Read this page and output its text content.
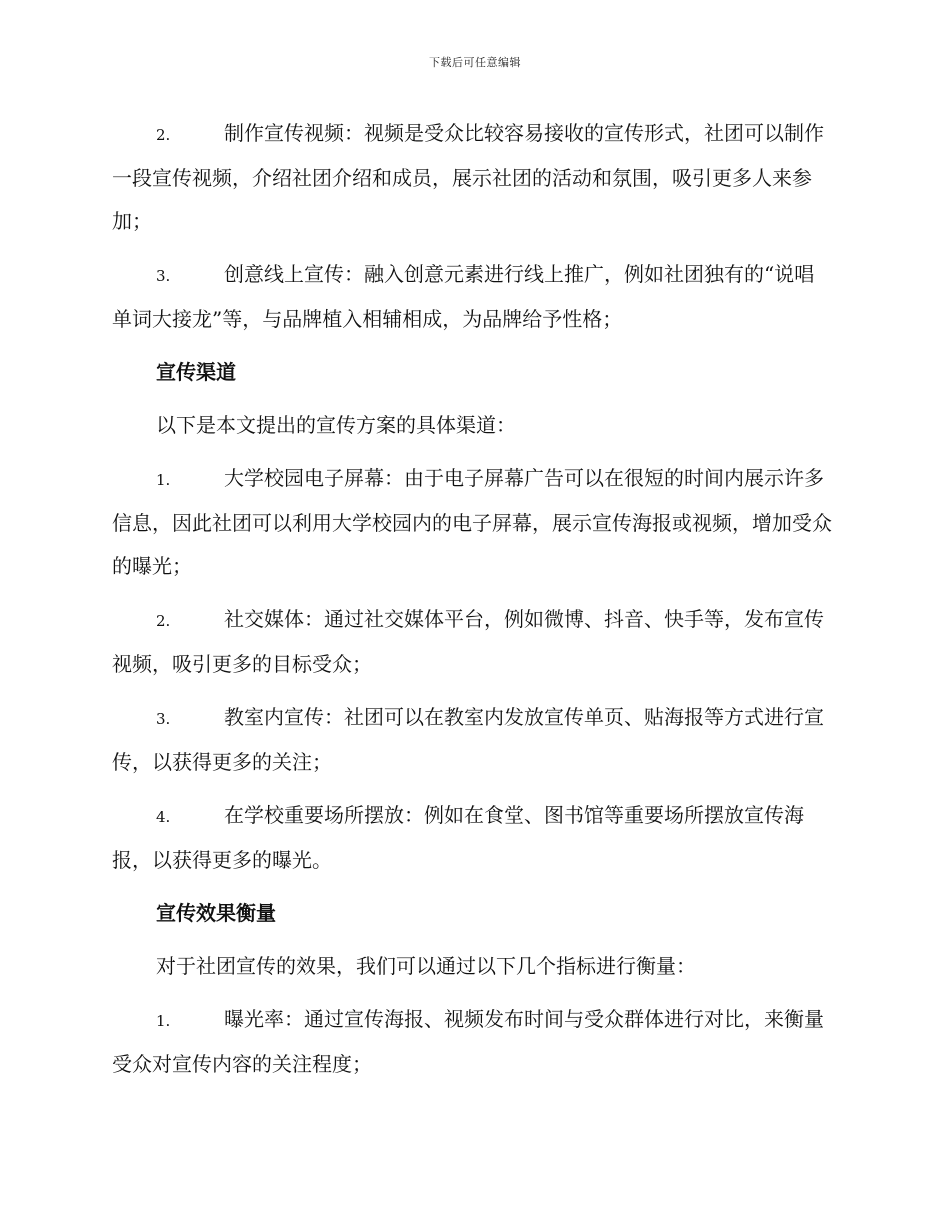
下载后可任意编辑

2.	制作宣传视频：视频是受众比较容易接收的宣传形式，社团可以制作一段宣传视频，介绍社团介绍和成员，展示社团的活动和氛围，吸引更多人来参加；

3.	创意线上宣传：融入创意元素进行线上推广，例如社团独有的“说唱单词大接龙”等，与品牌植入相辅相成，为品牌给予性格；

宣传渠道

以下是本文提出的宣传方案的具体渠道：

1.	大学校园电子屏幕：由于电子屏幕广告可以在很短的时间内展示许多信息，因此社团可以利用大学校园内的电子屏幕，展示宣传海报或视频，增加受众的曝光；

2.	社交媒体：通过社交媒体平台，例如微博、抖音、快手等，发布宣传视频，吸引更多的目标受众；

3.	教室内宣传：社团可以在教室内发放宣传单页、贴海报等方式进行宣传，以获得更多的关注；

4.	在学校重要场所摆放：例如在食堂、图书馆等重要场所摆放宣传海报，以获得更多的曝光。

宣传效果衡量

对于社团宣传的效果，我们可以通过以下几个指标进行衡量：

1.	曝光率：通过宣传海报、视频发布时间与受众群体进行对比，来衡量受众对宣传内容的关注程度；
